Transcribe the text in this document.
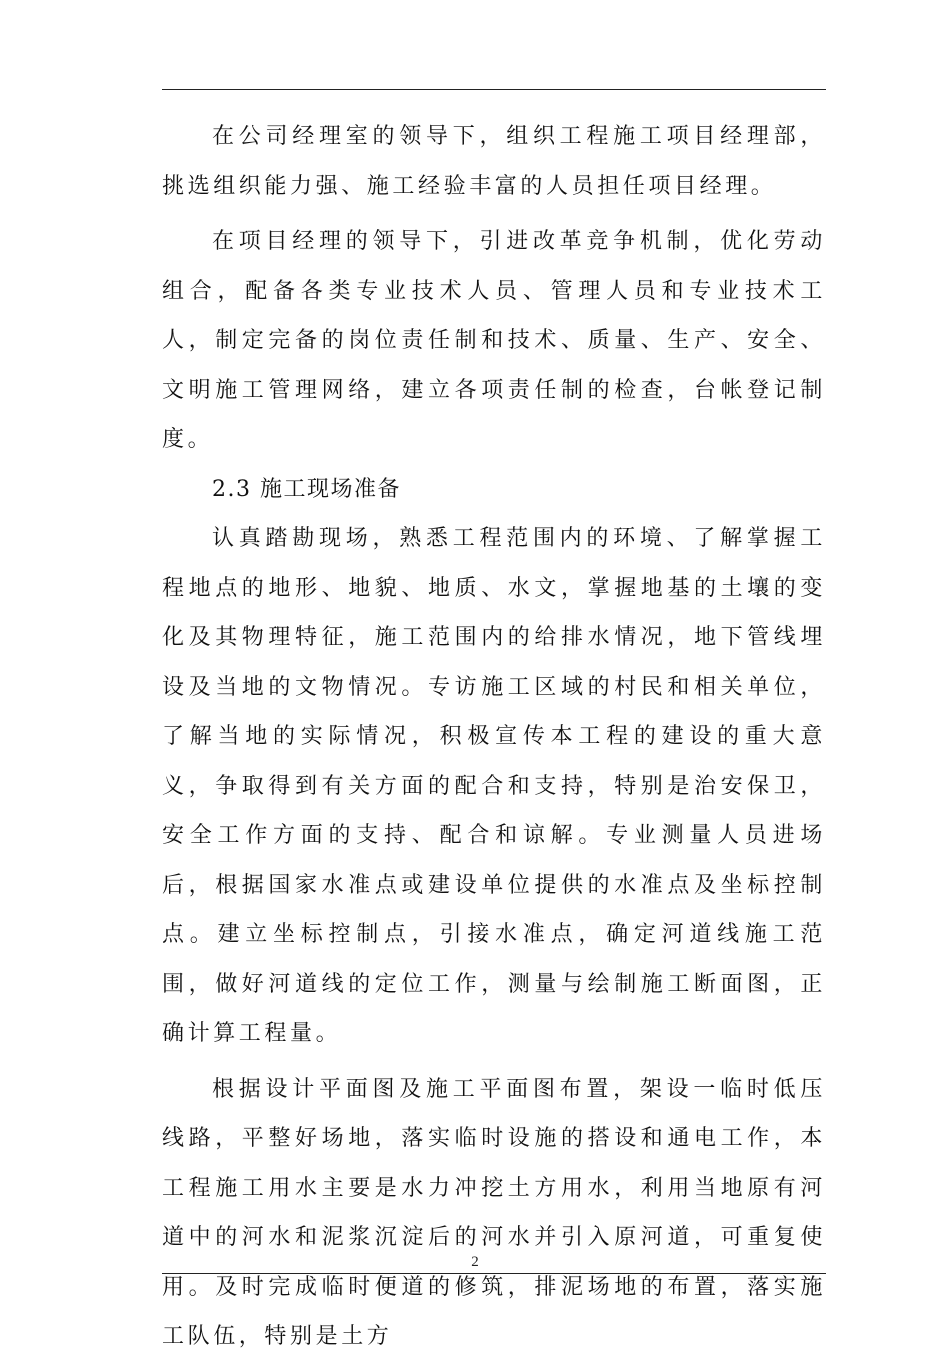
在公司经理室的领导下，组织工程施工项目经理部，挑选组织能力强、施工经验丰富的人员担任项目经理。

在项目经理的领导下，引进改革竞争机制，优化劳动组合，配备各类专业技术人员、管理人员和专业技术工人，制定完备的岗位责任制和技术、质量、生产、安全、文明施工管理网络，建立各项责任制的检查，台帐登记制度。

2.3 施工现场准备

认真踏勘现场，熟悉工程范围内的环境、了解掌握工程地点的地形、地貌、地质、水文，掌握地基的土壤的变化及其物理特征，施工范围内的给排水情况，地下管线埋设及当地的文物情况。专访施工区域的村民和相关单位，了解当地的实际情况，积极宣传本工程的建设的重大意义，争取得到有关方面的配合和支持，特别是治安保卫，安全工作方面的支持、配合和谅解。专业测量人员进场后，根据国家水准点或建设单位提供的水准点及坐标控制点。建立坐标控制点，引接水准点，确定河道线施工范围，做好河道线的定位工作，测量与绘制施工断面图，正确计算工程量。

根据设计平面图及施工平面图布置，架设一临时低压线路，平整好场地，落实临时设施的搭设和通电工作，本工程施工用水主要是水力冲挖土方用水，利用当地原有河道中的河水和泥浆沉淀后的河水并引入原河道，可重复使用。及时完成临时便道的修筑，排泥场地的布置，落实施工队伍，特别是土方

2
